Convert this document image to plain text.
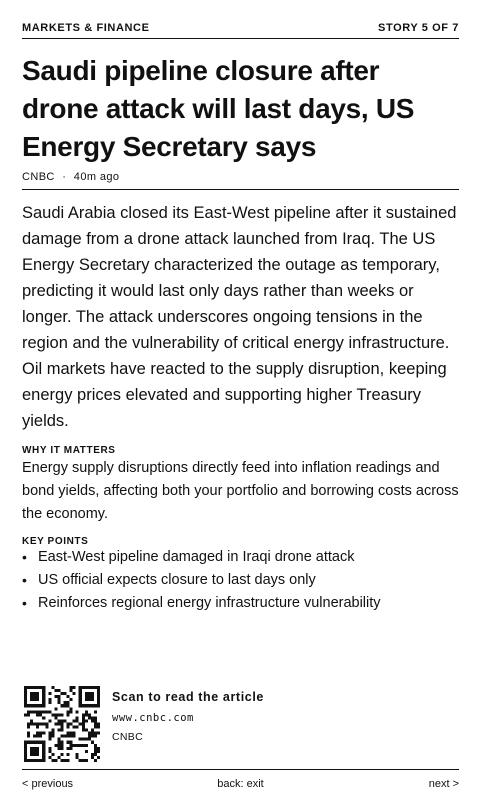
MARKETS & FINANCE	STORY 5 OF 7
Saudi pipeline closure after drone attack will last days, US Energy Secretary says
CNBC · 40m ago

Saudi Arabia closed its East-West pipeline after it sustained damage from a drone attack launched from Iraq. The US Energy Secretary characterized the outage as temporary, predicting it would last only days rather than weeks or longer. The attack underscores ongoing tensions in the region and the vulnerability of critical energy infrastructure. Oil markets have reacted to the supply disruption, keeping energy prices elevated and supporting higher Treasury yields.

WHY IT MATTERS

Energy supply disruptions directly feed into inflation readings and bond yields, affecting both your portfolio and borrowing costs across the economy.

KEY POINTS
• East-West pipeline damaged in Iraqi drone attack
• US official expects closure to last days only
• Reinforces regional energy infrastructure vulnerability
Scan to read the article
www.cnbc.com
CNBC
< previous	back: exit	next >
